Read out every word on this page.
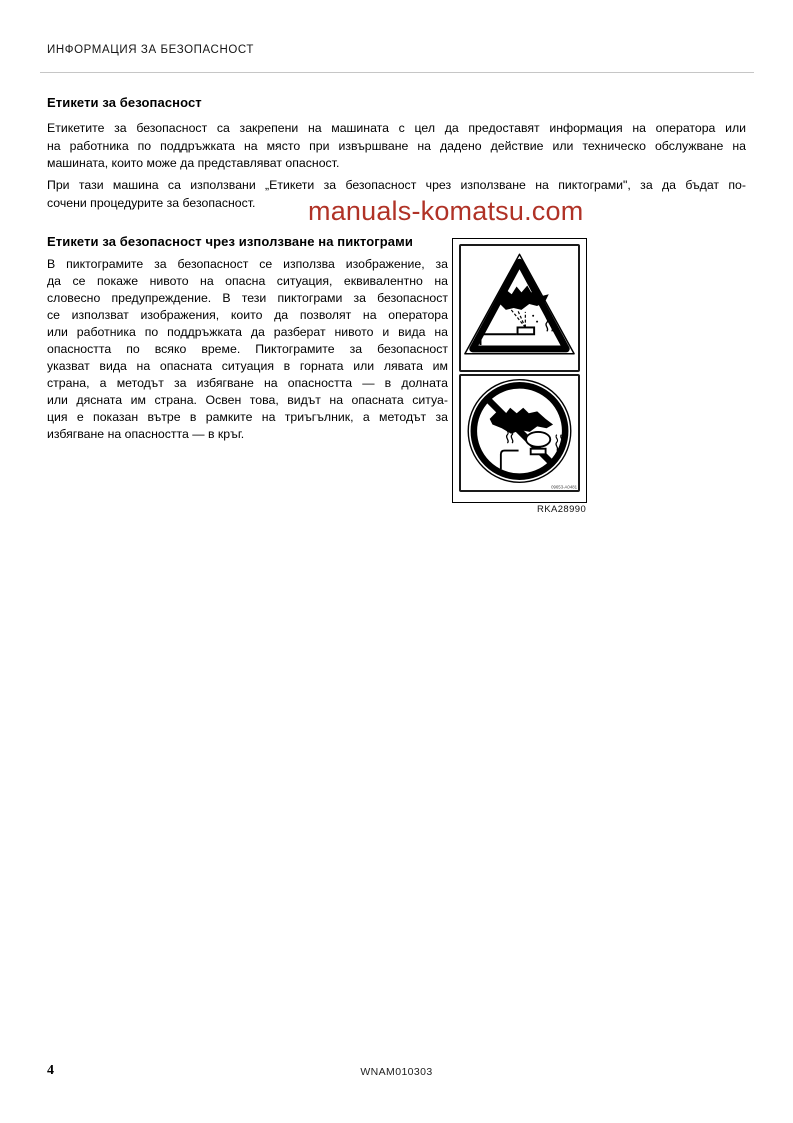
ИНФОРМАЦИЯ ЗА БЕЗОПАСНОСТ
Етикети за безопасност
Етикетите за безопасност са закрепени на машината с цел да предоставят информация на оператора или
на работника по поддръжката на място при извършване на дадено действие или техническо обслужване на
машината, които може да представляват опасност.
При тази машина са използвани „Етикети за безопасност чрез използване на пиктограми", за да бъдат по-
сочени процедурите за безопасност.	manuals-komatsu.com
Етикети за безопасност чрез използване на пиктограми
В пиктограмите за безопасност се използва изображение, за
да се покаже нивото на опасна ситуация, еквивалентно на
словесно предупреждение. В тези пиктограми за безопасност
се използват изображения, които да позволят на оператора
или работника по поддръжката да разберат нивото и вида на
опасността по всяко време. Пиктограмите за безопасност
указват вида на опасната ситуация в горната или лявата им
страна, а методът за избягване на опасността — в долната
или дясната им страна. Освен това, видът на опасната ситуа-
ция е показан вътре в рамките на триъгълник, а методът за
избягване на опасността — в кръг.
09653-A0481
RKA28990
4	WNAM010303
